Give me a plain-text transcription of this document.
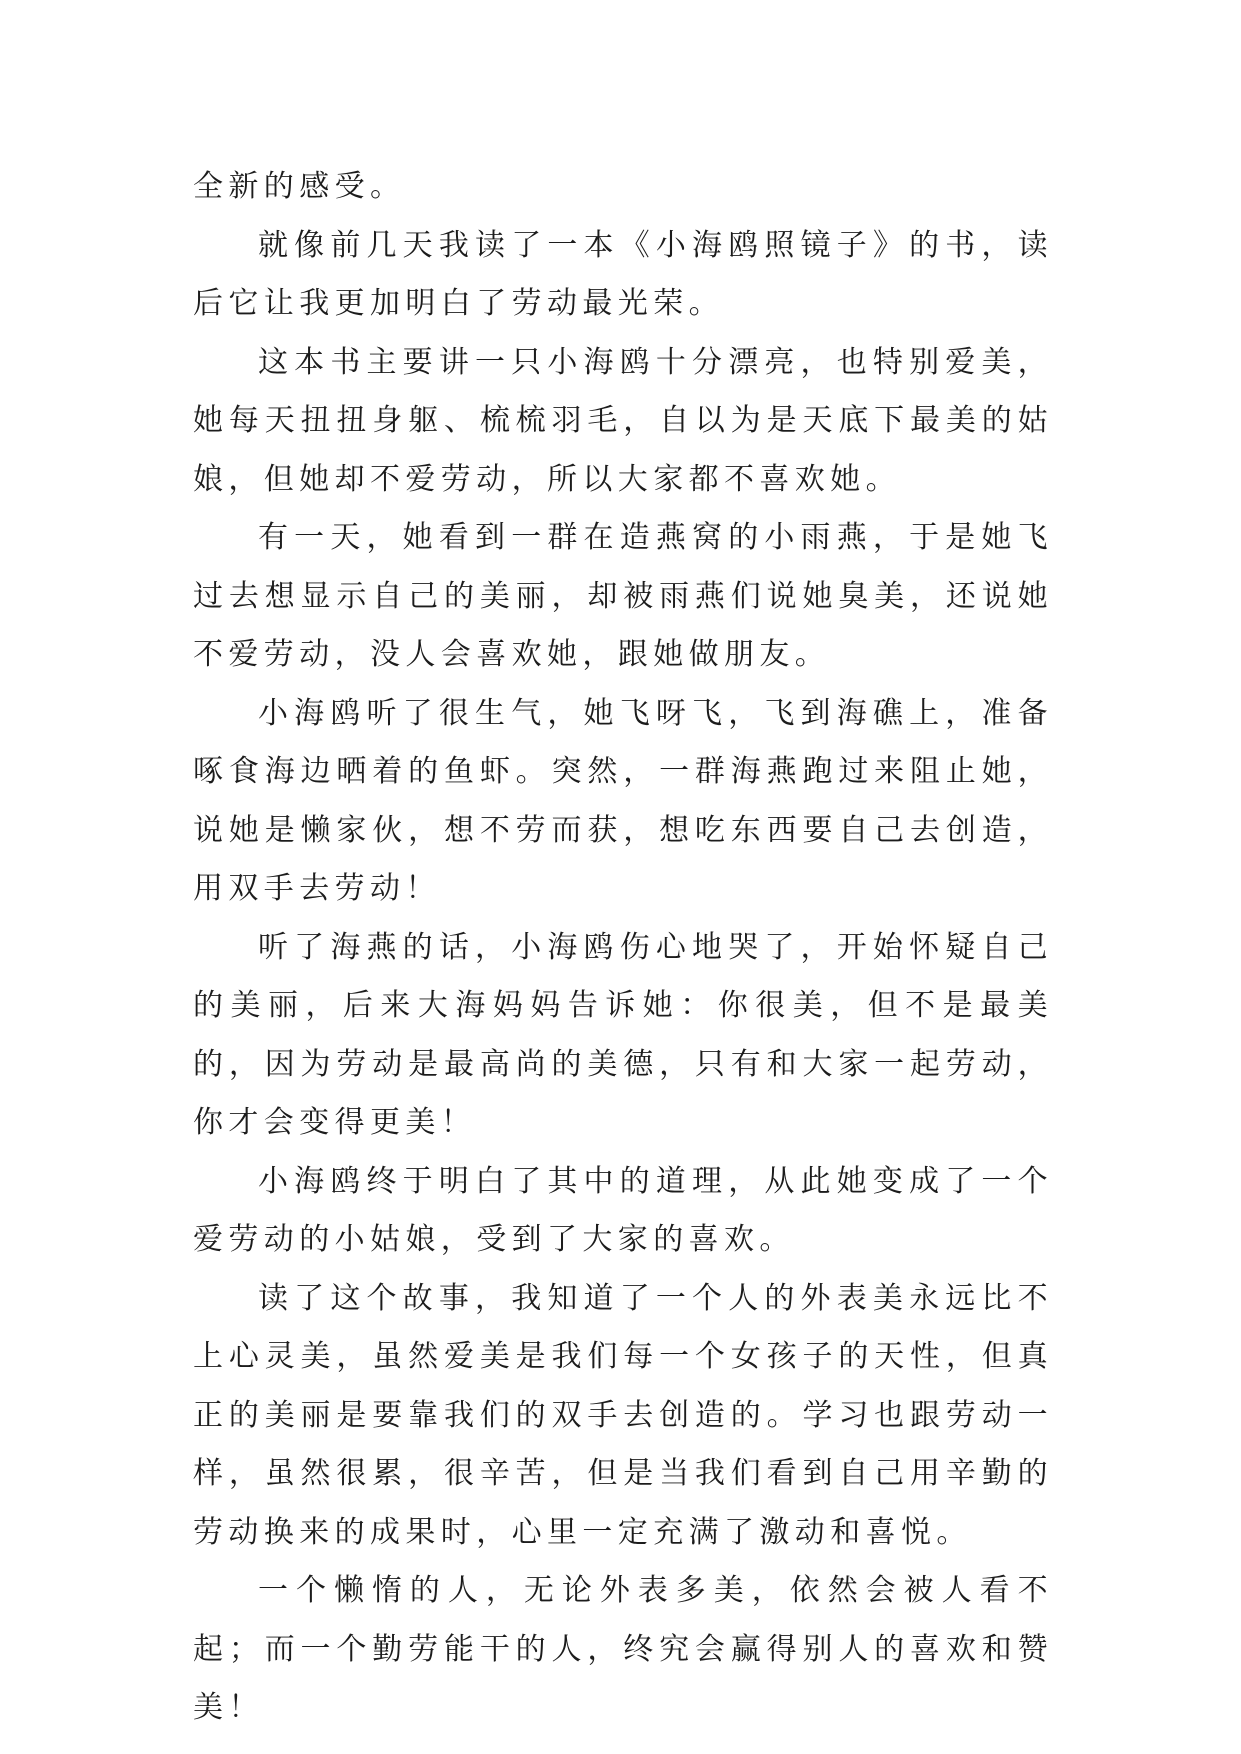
全新的感受。

就像前几天我读了一本《小海鸥照镜子》的书，读后它让我更加明白了劳动最光荣。

这本书主要讲一只小海鸥十分漂亮，也特别爱美，她每天扭扭身躯、梳梳羽毛，自以为是天底下最美的姑娘，但她却不爱劳动，所以大家都不喜欢她。

有一天，她看到一群在造燕窝的小雨燕，于是她飞过去想显示自己的美丽，却被雨燕们说她臭美，还说她不爱劳动，没人会喜欢她，跟她做朋友。

小海鸥听了很生气，她飞呀飞，飞到海礁上，准备啄食海边晒着的鱼虾。突然，一群海燕跑过来阻止她，说她是懒家伙，想不劳而获，想吃东西要自己去创造，用双手去劳动！

听了海燕的话，小海鸥伤心地哭了，开始怀疑自己的美丽，后来大海妈妈告诉她：你很美，但不是最美的，因为劳动是最高尚的美德，只有和大家一起劳动，你才会变得更美！

小海鸥终于明白了其中的道理，从此她变成了一个爱劳动的小姑娘，受到了大家的喜欢。

读了这个故事，我知道了一个人的外表美永远比不上心灵美，虽然爱美是我们每一个女孩子的天性，但真正的美丽是要靠我们的双手去创造的。学习也跟劳动一样，虽然很累，很辛苦，但是当我们看到自己用辛勤的劳动换来的成果时，心里一定充满了激动和喜悦。

一个懒惰的人，无论外表多美，依然会被人看不起；而一个勤劳能干的人，终究会赢得别人的喜欢和赞美！
